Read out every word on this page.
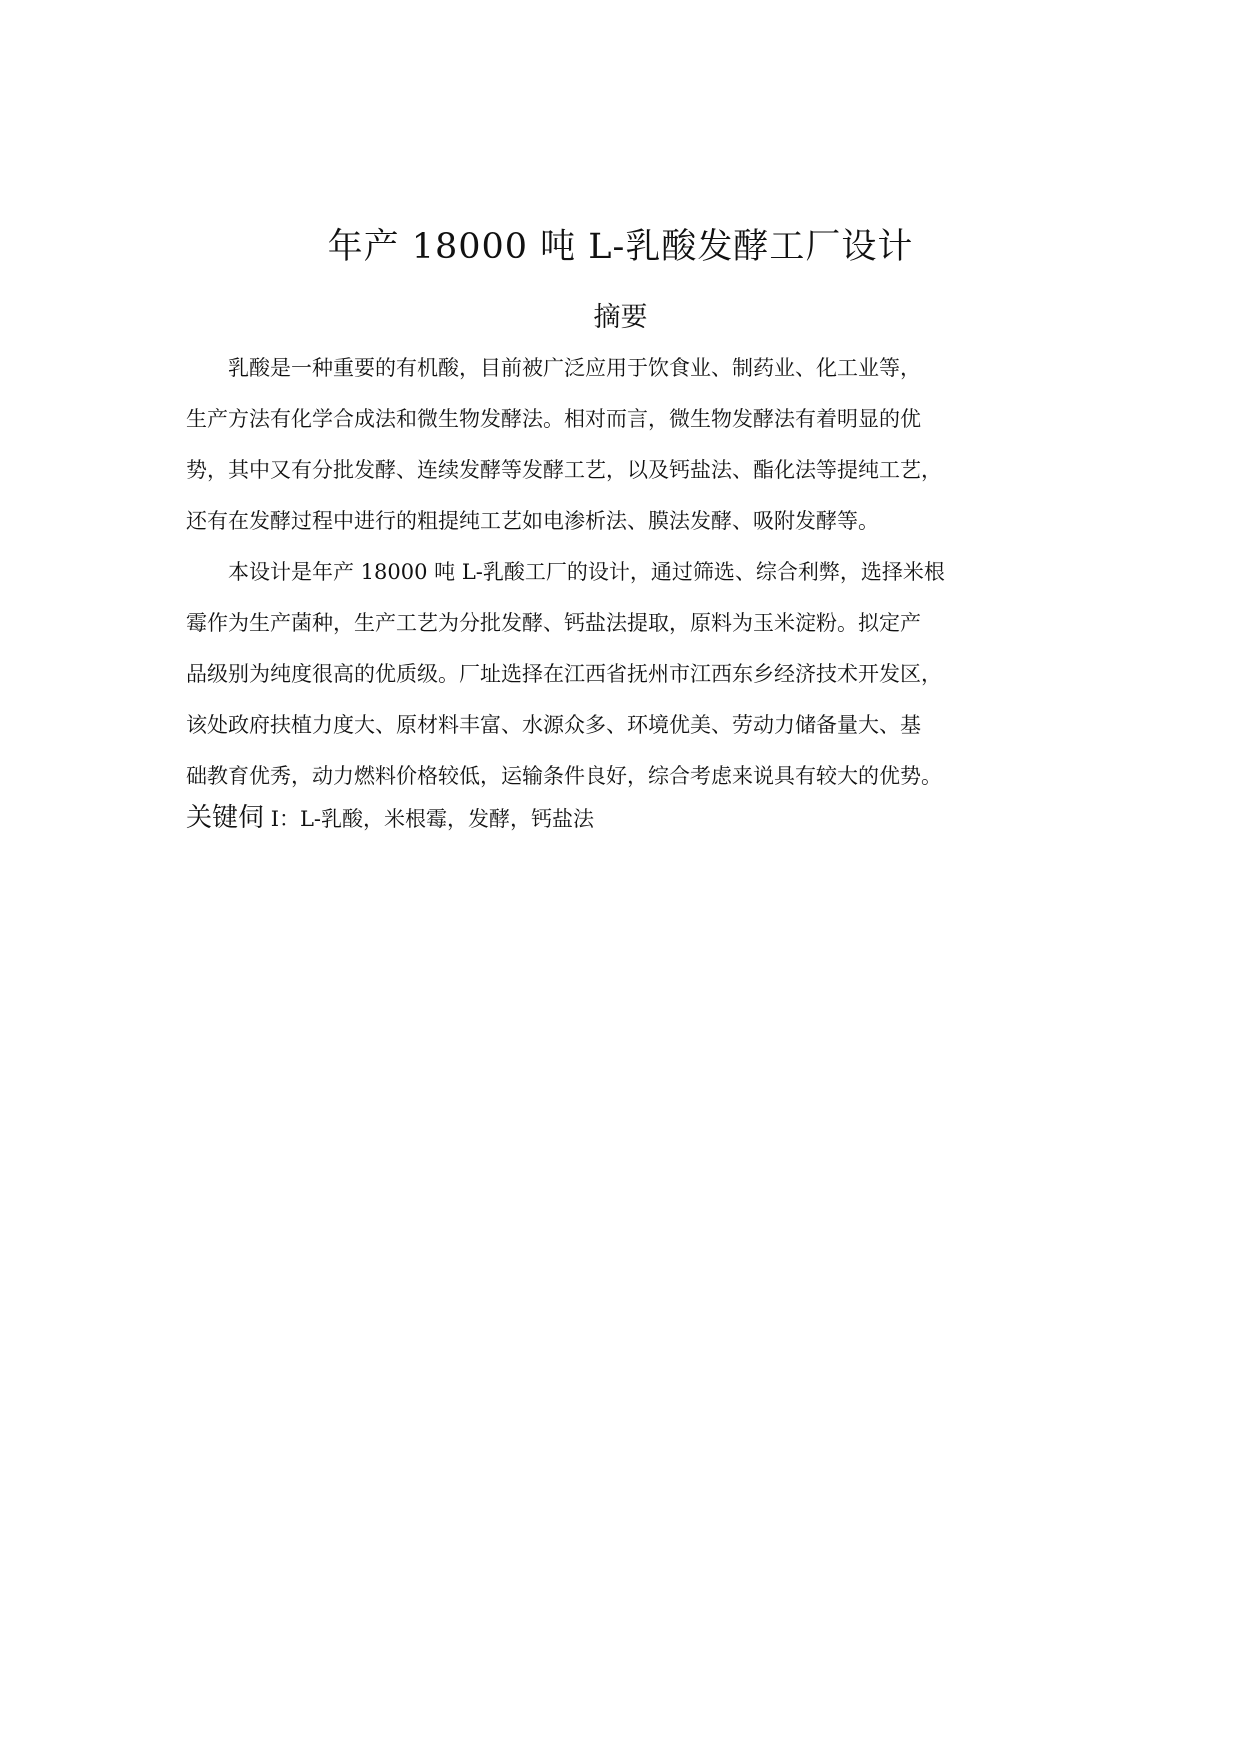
年产 18000 吨 L-乳酸发酵工厂设计
摘要
　　乳酸是一种重要的有机酸，目前被广泛应用于饮食业、制药业、化工业等，
生产方法有化学合成法和微生物发酵法。相对而言，微生物发酵法有着明显的优
势，其中又有分批发酵、连续发酵等发酵工艺，以及钙盐法、酯化法等提纯工艺，
还有在发酵过程中进行的粗提纯工艺如电渗析法、膜法发酵、吸附发酵等。
　　本设计是年产 18000 吨 L-乳酸工厂的设计，通过筛选、综合利弊，选择米根
霉作为生产菌种，生产工艺为分批发酵、钙盐法提取，原料为玉米淀粉。拟定产
品级别为纯度很高的优质级。厂址选择在江西省抚州市江西东乡经济技术开发区，
该处政府扶植力度大、原材料丰富、水源众多、环境优美、劳动力储备量大、基
础教育优秀，动力燃料价格较低，运输条件良好，综合考虑来说具有较大的优势。
关键伺 I：L-乳酸，米根霉，发酵，钙盐法
